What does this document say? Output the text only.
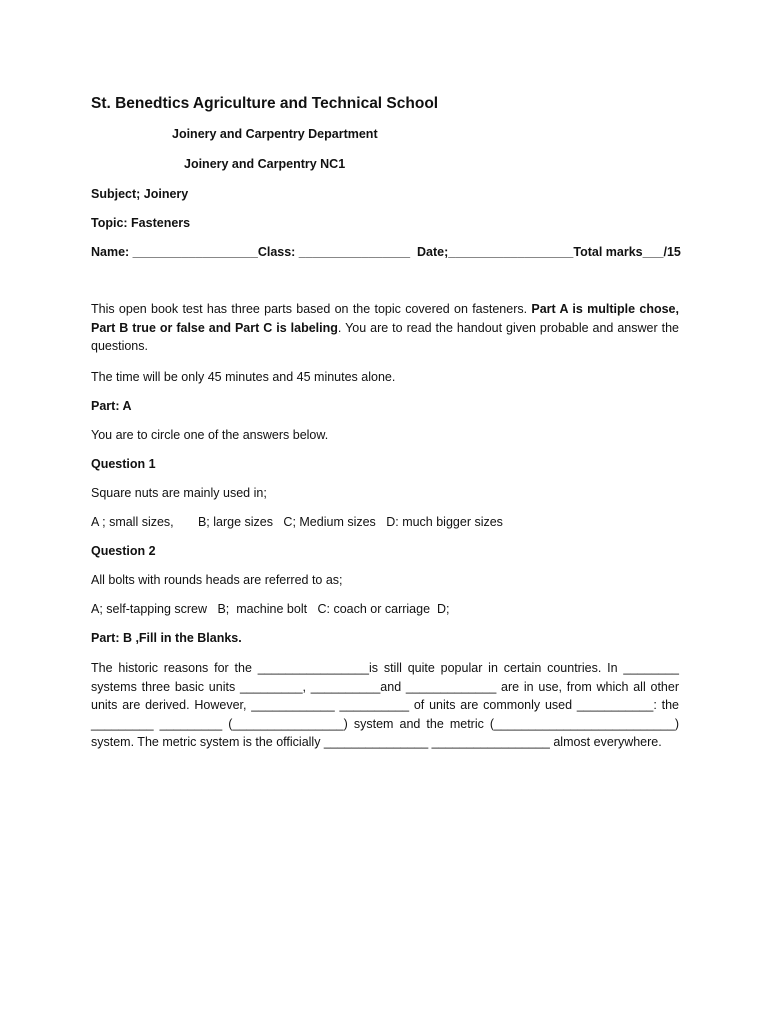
St. Benedtics Agriculture and Technical School
Joinery and Carpentry Department
Joinery and Carpentry NC1
Subject; Joinery
Topic: Fasteners
Name: __________________Class: ________________  Date;__________________Total marks___/15
This open book test has three parts based on the topic covered on fasteners. Part A is multiple chose, Part B true or false and Part C is labeling. You are to read the handout given probable and answer the questions.
The time will be only 45 minutes and 45 minutes alone.
Part: A
You are to circle one of the answers below.
Question 1
Square nuts are mainly used in;
A ; small sizes,       B; large sizes   C; Medium sizes   D: much bigger sizes
Question 2
All bolts with rounds heads are referred to as;
A; self-tapping screw   B;  machine bolt   C: coach or carriage  D;
Part: B ,Fill in the Blanks.
The historic reasons for the ________________is still quite popular in certain countries. In ________ systems three basic units _________, __________and _____________ are in use, from which all other units are derived. However, ____________ __________ of units are commonly used ___________: the _________ _________ (________________) system and the metric (__________________________) system. The metric system is the officially _______________ _________________ almost everywhere.
